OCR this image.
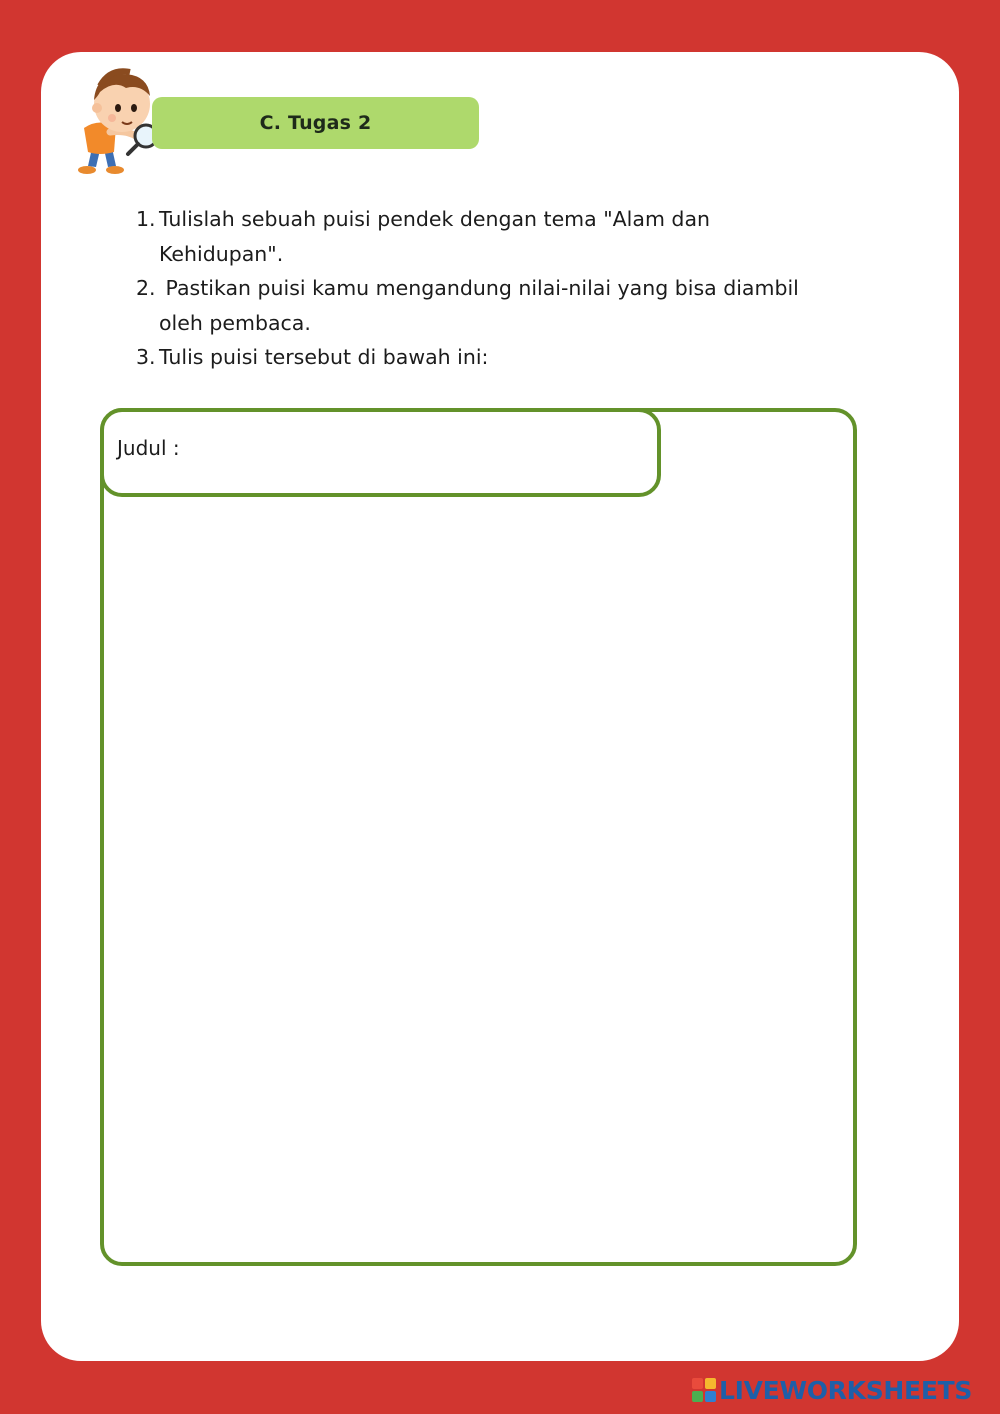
C. Tugas 2
1. Tulislah sebuah puisi pendek dengan tema "Alam dan Kehidupan".
2. Pastikan puisi kamu mengandung nilai-nilai yang bisa diambil oleh pembaca.
3. Tulis puisi tersebut di bawah ini:
Judul :
LIVEWORKSHEETS
